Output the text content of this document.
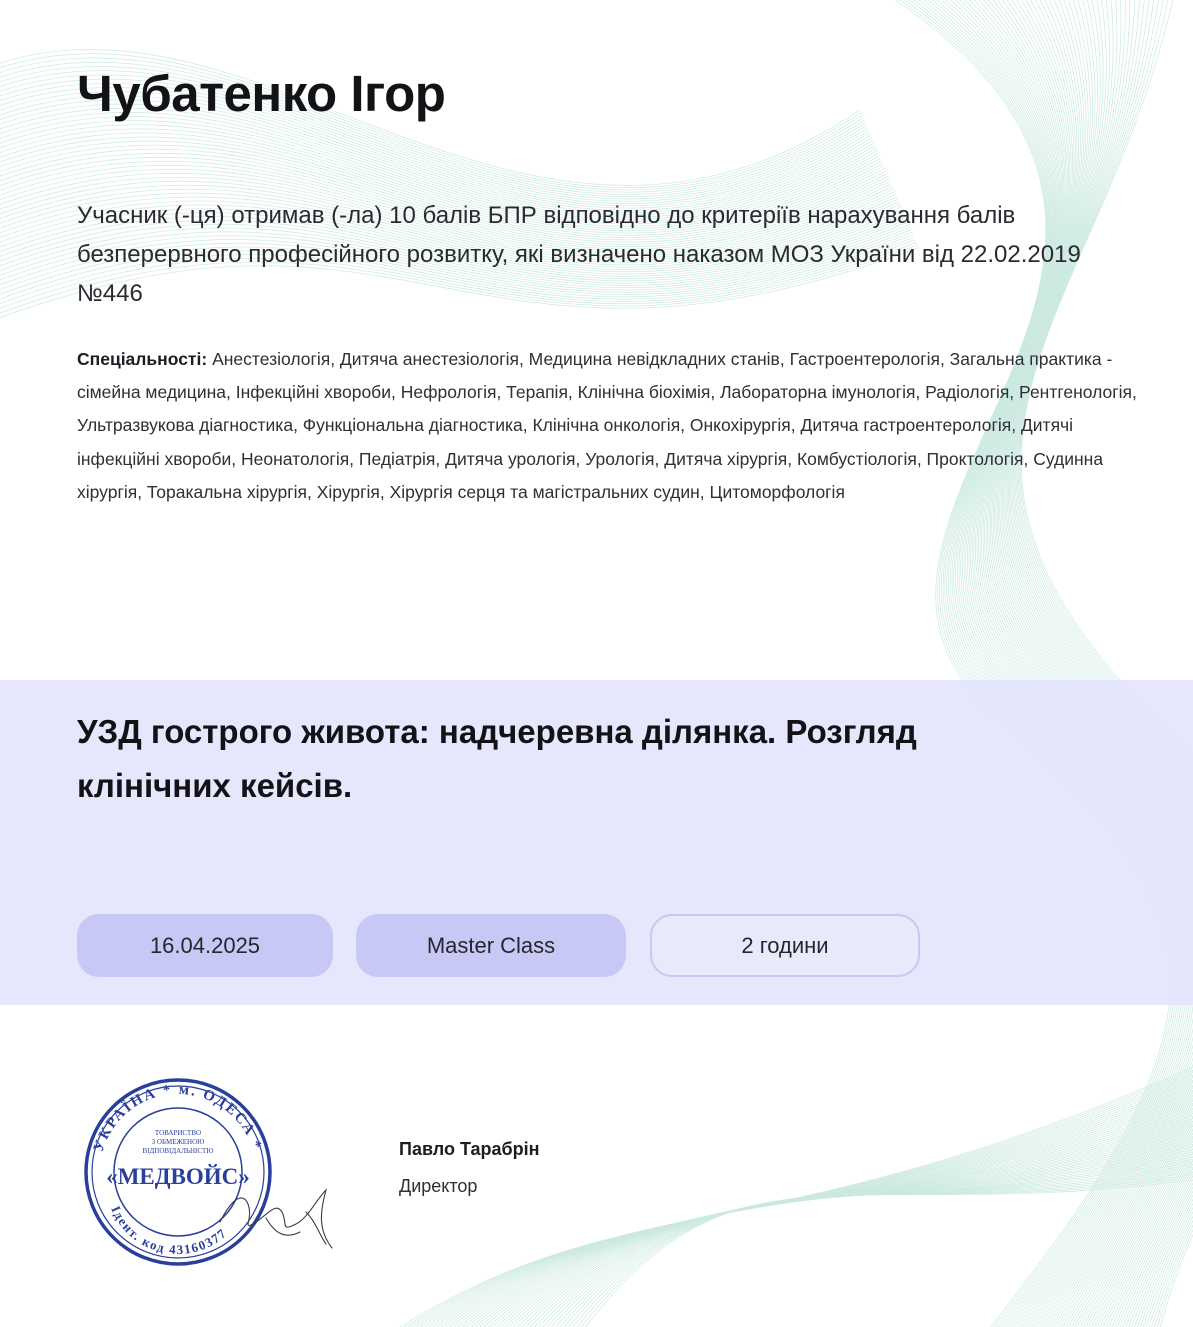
Чубатенко Ігор

Учасник (-ця) отримав (-ла) 10 балів БПР відповідно до критеріїв нарахування балів безперервного професійного розвитку, які визначено наказом МОЗ України від 22.02.2019 №446

Спеціальності: Анестезіологія, Дитяча анестезіологія, Медицина невідкладних станів, Гастроентерологія, Загальна практика - сімейна медицина, Інфекційні хвороби, Нефрологія, Терапія, Клінічна біохімія, Лабораторна імунологія, Радіологія, Рентгенологія, Ультразвукова діагностика, Функціональна діагностика, Клінічна онкологія, Онкохірургія, Дитяча гастроентерологія, Дитячі інфекційні хвороби, Неонатологія, Педіатрія, Дитяча урологія, Урологія, Дитяча хірургія, Комбустіологія, Проктологія, Судинна хірургія, Торакальна хірургія, Хірургія, Хірургія серця та магістральних судин, Цитоморфологія

УЗД гострого живота: надчеревна ділянка. Розгляд клінічних кейсів.
16.04.2025	Master Class	2 години
УКРАЇНА * м. ОДЕСА *
Ідент. код 43160377
ТОВАРИСТВО
З ОБМЕЖЕНОЮ
ВІДПОВІДАЛЬНІСТЮ
«МЕДВОЙС»

Павло Тарабрін

Директор
